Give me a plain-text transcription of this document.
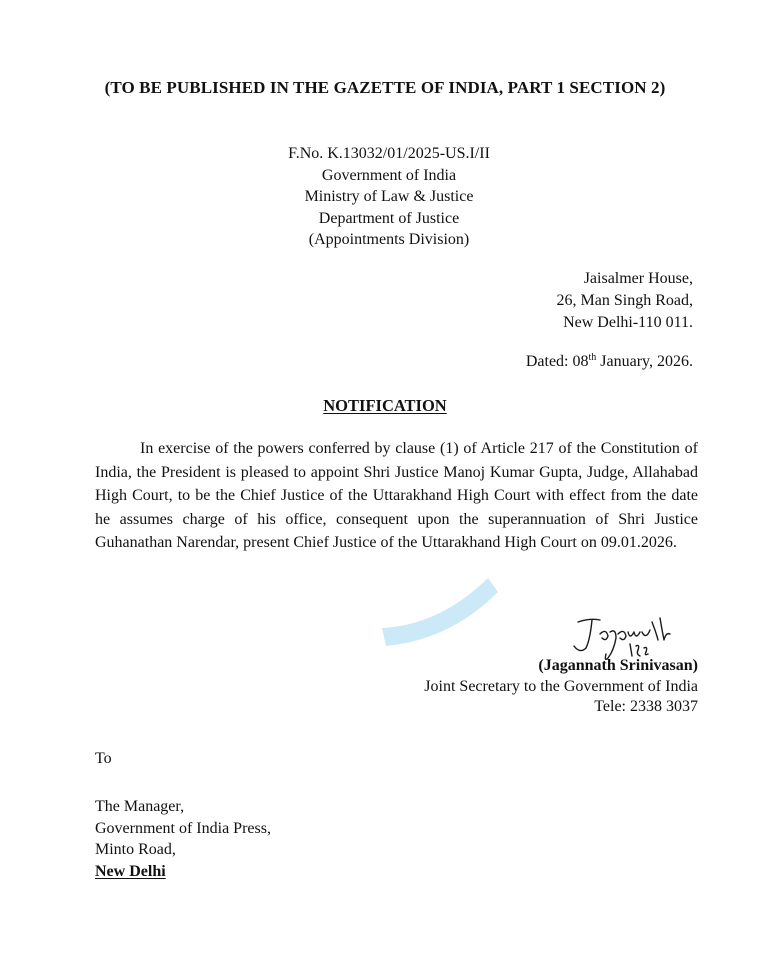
(TO BE PUBLISHED IN THE GAZETTE OF INDIA, PART 1 SECTION 2)
F.No. K.13032/01/2025-US.I/II
Government of India
Ministry of Law & Justice
Department of Justice
(Appointments Division)
Jaisalmer House,
26, Man Singh Road,
New Delhi-110 011.
Dated: 08th January, 2026.
NOTIFICATION
In exercise of the powers conferred by clause (1) of Article 217 of the Constitution of India, the President is pleased to appoint Shri Justice Manoj Kumar Gupta, Judge, Allahabad High Court, to be the Chief Justice of the Uttarakhand High Court with effect from the date he assumes charge of his office, consequent upon the superannuation of Shri Justice Guhanathan Narendar, present Chief Justice of the Uttarakhand High Court on 09.01.2026.
(Jagannath Srinivasan)
Joint Secretary to the Government of India
Tele: 2338 3037
To
The Manager,
Government of India Press,
Minto Road,
New Delhi
